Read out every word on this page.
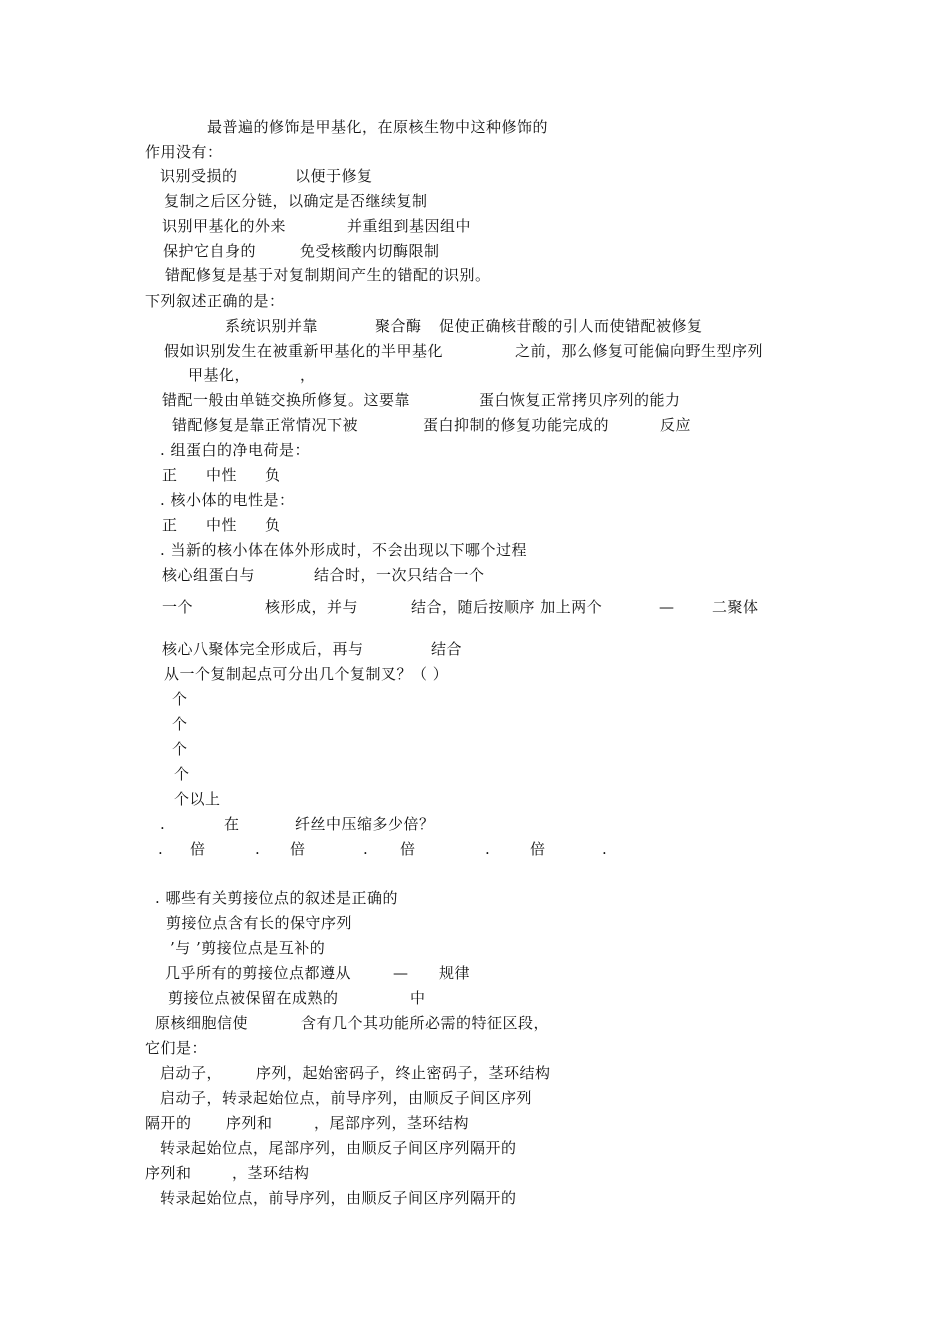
最普遍的修饰是甲基化，在原核生物中这种修饰的
作用没有：
识别受损的	以便于修复
复制之后区分链，以确定是否继续复制
识别甲基化的外来	并重组到基因组中
保护它自身的	免受核酸内切酶限制
错配修复是基于对复制期间产生的错配的识别。
下列叙述正确的是：
系统识别并靠	聚合酶 促使正确核苷酸的引人而使错配被修复
假如识别发生在被重新甲基化的半甲基化	之前，那么修复可能偏向野生型序列
甲基化，	，
错配一般由单链交换所修复。这要靠	蛋白恢复正常拷贝序列的能力
错配修复是靠正常情况下被	蛋白抑制的修复功能完成的	反应
. 组蛋白的净电荷是：
正 中性 负
. 核小体的电性是：
正 中性 负
. 当新的核小体在体外形成时，不会出现以下哪个过程
核心组蛋白与	结合时，一次只结合一个
一个	核形成，并与	结合，随后按顺序 加上两个	—	二聚体
核心八聚体完全形成后，再与	结合
从一个复制起点可分出几个复制叉？（ ）
个
个
个
个
个以上
.	在	纤丝中压缩多少倍？
. 倍	. 倍	. 倍	.	倍	.
. 哪些有关剪接位点的叙述是正确的
剪接位点含有长的保守序列
’与 ’剪接位点是互补的
几乎所有的剪接位点都遵从	— 规律
剪接位点被保留在成熟的	中
原核细胞信使	含有几个其功能所必需的特征区段，
它们是：
启动子， 序列，起始密码子，终止密码子，茎环结构
启动子，转录起始位点，前导序列，由顺反子间区序列
隔开的 序列和	，尾部序列，茎环结构
转录起始位点，尾部序列，由顺反子间区序列隔开的
序列和	，茎环结构
转录起始位点，前导序列，由顺反子间区序列隔开的
